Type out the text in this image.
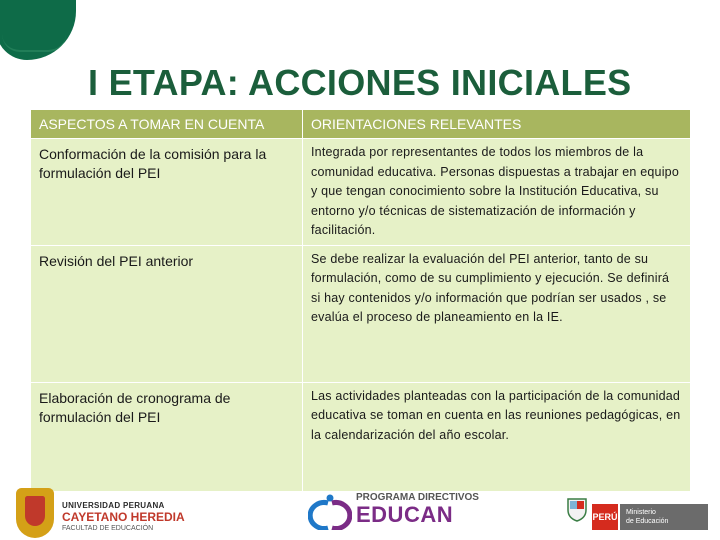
I ETAPA: ACCIONES INICIALES
ASPECTOS A TOMAR EN CUENTA	ORIENTACIONES RELEVANTES
Conformación de la comisión para la formulación del PEI	Integrada por representantes de todos los miembros de la comunidad educativa. Personas dispuestas a trabajar en equipo y que tengan conocimiento sobre la Institución Educativa, su entorno y/o técnicas de sistematización de información y facilitación.
Revisión del PEI anterior	Se debe realizar la evaluación del PEI anterior, tanto de su formulación, como de su cumplimiento y ejecución. Se definirá si hay contenidos y/o información que podrían ser usados , se evalúa el proceso de planeamiento en la IE.
Elaboración de cronograma de formulación del PEI	Las actividades planteadas con la participación de la comunidad educativa se toman en cuenta en las reuniones pedagógicas, en la calendarización del año escolar.
UNIVERSIDAD PERUANA
CAYETANO HEREDIA
FACULTAD DE EDUCACIÓN
PROGRAMA DIRECTIVOS
EDUCAN	PERÚ	Ministerio
de Educación
